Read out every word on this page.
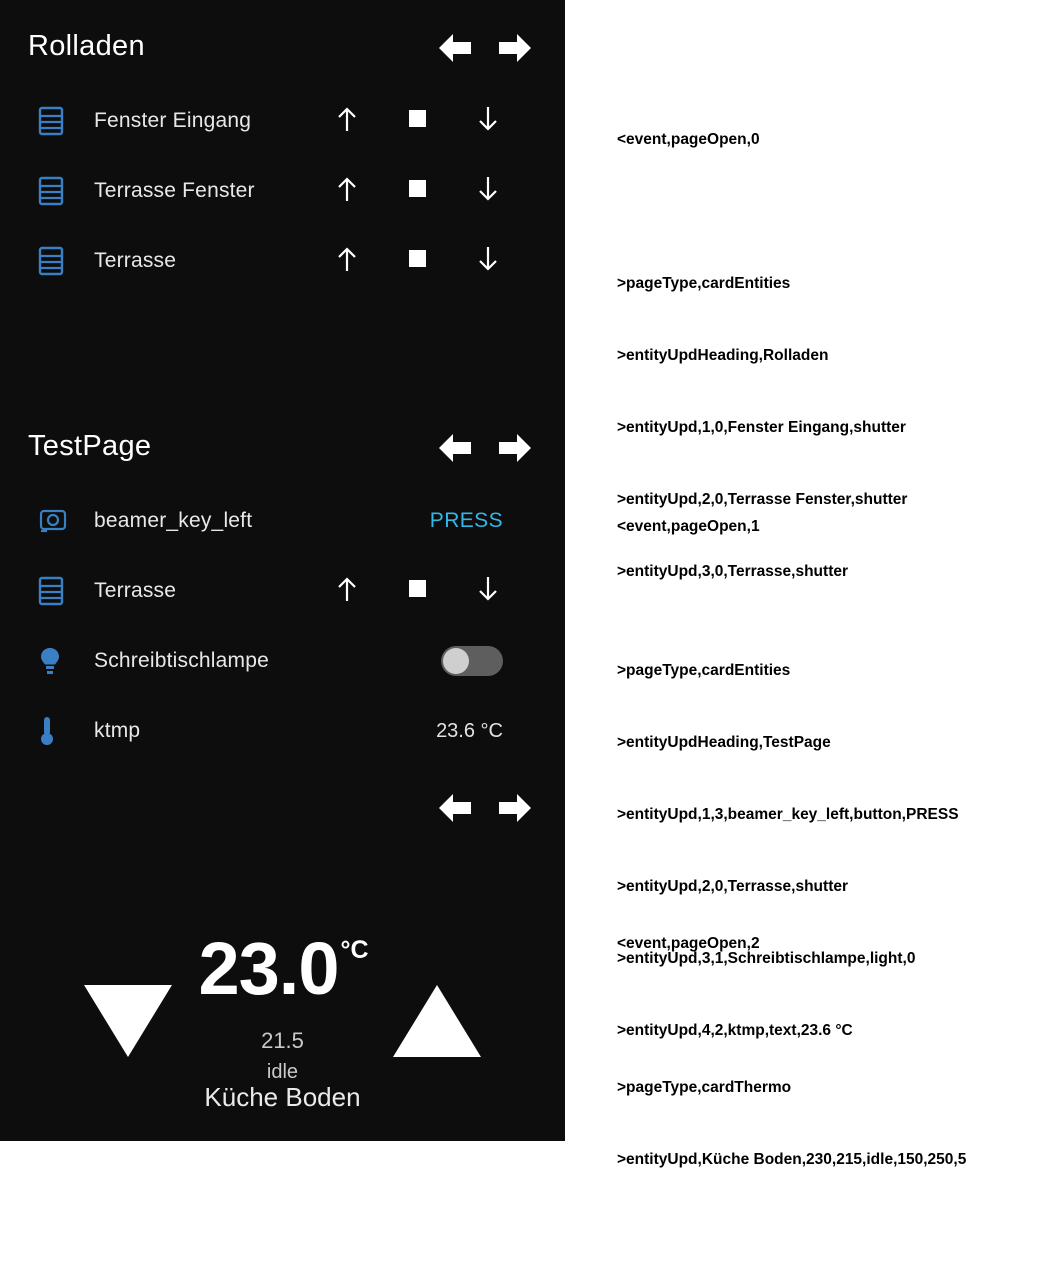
Rolladen
Fenster Eingang
Terrasse Fenster
Terrasse
TestPage
beamer_key_left	PRESS
Terrasse
Schreibtischlampe
ktmp	23.6 °C
23.0°C
21.5
idle
Küche Boden

<event,pageOpen,0

>pageType,cardEntities

>entityUpdHeading,Rolladen

>entityUpd,1,0,Fenster Eingang,shutter

>entityUpd,2,0,Terrasse Fenster,shutter

>entityUpd,3,0,Terrasse,shutter

<event,pageOpen,1

>pageType,cardEntities

>entityUpdHeading,TestPage

>entityUpd,1,3,beamer_key_left,button,PRESS

>entityUpd,2,0,Terrasse,shutter

>entityUpd,3,1,Schreibtischlampe,light,0

>entityUpd,4,2,ktmp,text,23.6 °C

<event,pageOpen,2

>pageType,cardThermo

>entityUpd,Küche Boden,230,215,idle,150,250,5
